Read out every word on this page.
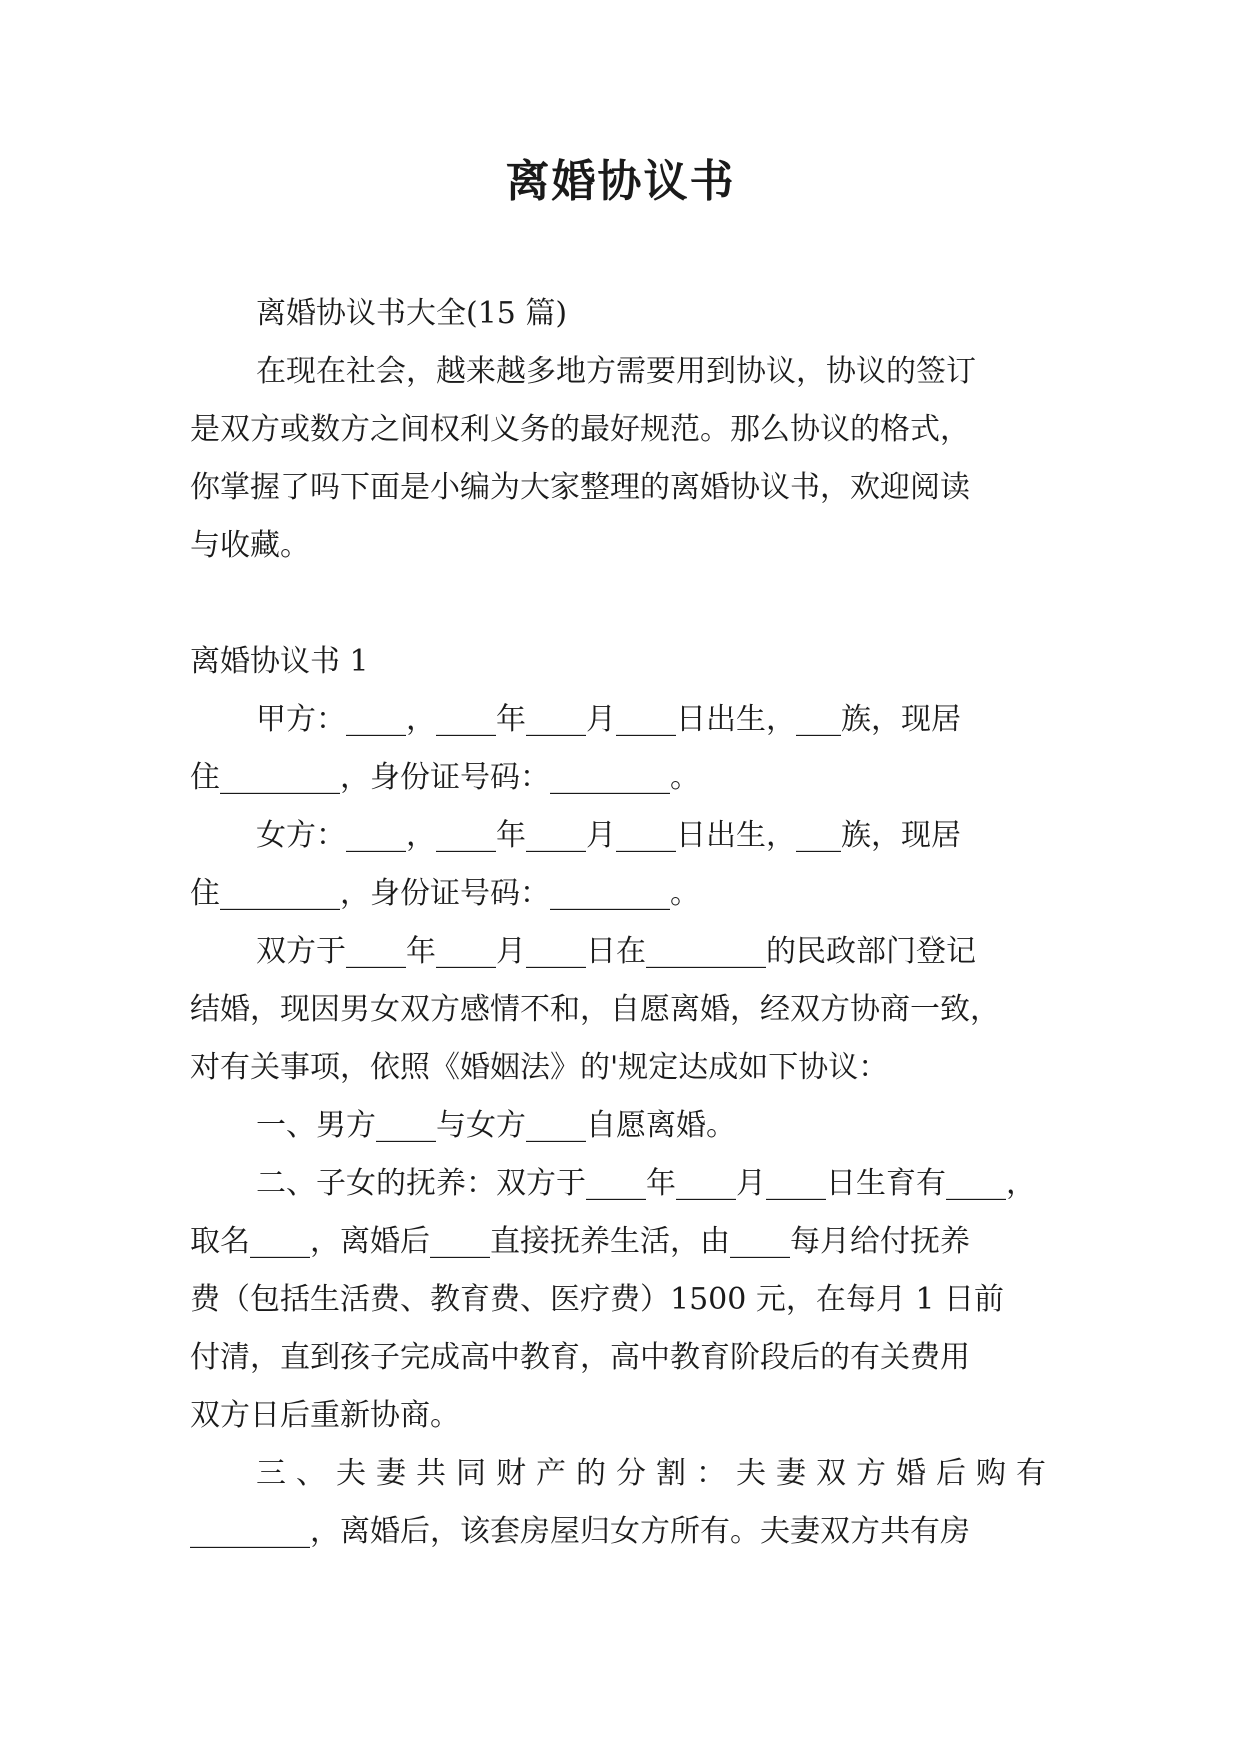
离婚协议书

离婚协议书大全(15 篇)

在现在社会，越来越多地方需要用到协议，协议的签订
是双方或数方之间权利义务的最好规范。那么协议的格式，
你掌握了吗下面是小编为大家整理的离婚协议书，欢迎阅读
与收藏。

离婚协议书 1

甲方：____，____年____月____日出生，___族，现居
住________，身份证号码：________。

女方：____，____年____月____日出生，___族，现居
住________，身份证号码：________。

双方于____年____月____日在________的民政部门登记
结婚，现因男女双方感情不和，自愿离婚，经双方协商一致，
对有关事项，依照《婚姻法》的'规定达成如下协议：

一、男方____与女方____自愿离婚。

二、子女的抚养：双方于____年____月____日生育有____，
取名____，离婚后____直接抚养生活，由____每月给付抚养
费（包括生活费、教育费、医疗费）1500 元，在每月 1 日前
付清，直到孩子完成高中教育，高中教育阶段后的有关费用
双方日后重新协商。

三、夫妻共同财产的分割：夫妻双方婚后购有
________，离婚后，该套房屋归女方所有。夫妻双方共有房
